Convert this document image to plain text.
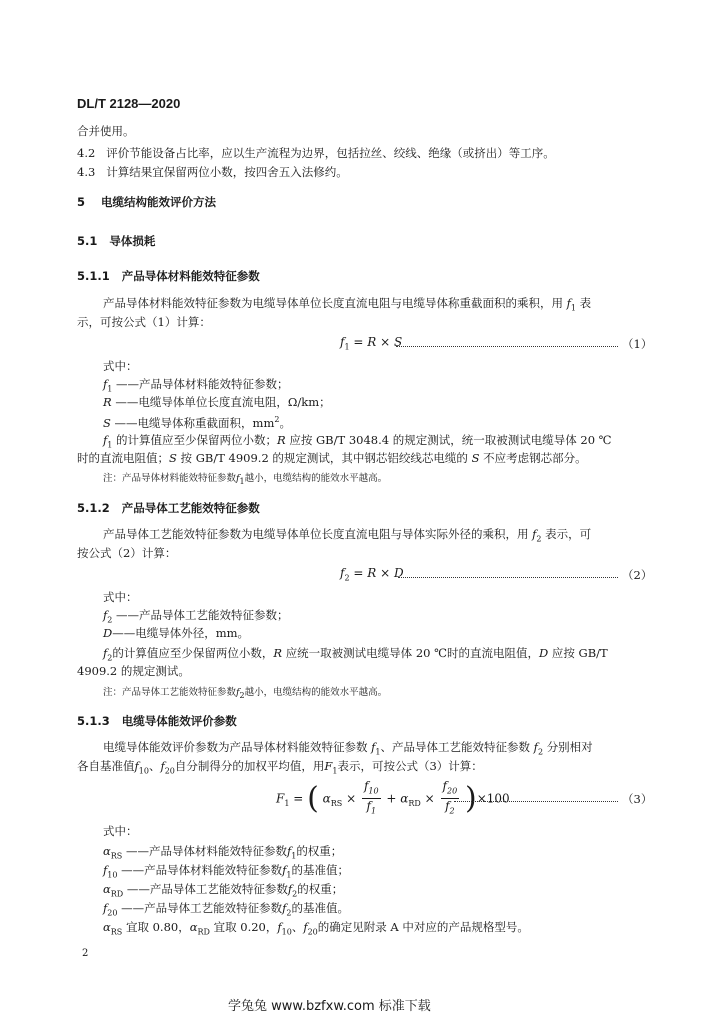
DL/T 2128—2020
合并使用。
4.2 评价节能设备占比率，应以生产流程为边界，包括拉丝、绞线、绝缘（或挤出）等工序。
4.3 计算结果宜保留两位小数，按四舍五入法修约。
5 电缆结构能效评价方法
5.1 导体损耗
5.1.1 产品导体材料能效特征参数
产品导体材料能效特征参数为电缆导体单位长度直流电阻与电缆导体称重截面积的乘积，用 $f_1$ 表
示，可按公式（1）计算：
$f_1 = R \times S$	（1）
式中：
$f_1$ ——产品导体材料能效特征参数；
R ——电缆导体单位长度直流电阻，Ω/km；
S ——电缆导体称重截面积，$mm^2$。
$f_1$ 的计算值应至少保留两位小数；R 应按 GB/T 3048.4 的规定测试，统一取被测试电缆导体 20 ℃
时的直流电阻值；S 按 GB/T 4909.2 的规定测试，其中钢芯铝绞线芯电缆的 S 不应考虑钢芯部分。
注：产品导体材料能效特征参数$f_1$越小，电缆结构的能效水平越高。
5.1.2 产品导体工艺能效特征参数
产品导体工艺能效特征参数为电缆导体单位长度直流电阻与导体实际外径的乘积，用 $f_2$ 表示，可
按公式（2）计算：
$f_2 = R \times D$	（2）
式中：
$f_2$ ——产品导体工艺能效特征参数；
D——电缆导体外径，mm。
$f_2$的计算值应至少保留两位小数，R 应统一取被测试电缆导体 20 ℃时的直流电阻值，D 应按 GB/T
4909.2 的规定测试。
注：产品导体工艺能效特征参数$f_2$越小，电缆结构的能效水平越高。
5.1.3 电缆导体能效评价参数
电缆导体能效评价参数为产品导体材料能效特征参数 $f_1$、产品导体工艺能效特征参数 $f_2$ 分别相对
各自基准值$f_{10}$、$f_{20}$自分制得分的加权平均值，用$F_1$表示，可按公式（3）计算：
$F_1$ = ( $\alpha_{RS} \times \frac{f_{10}}{f_1} + \alpha_{RD} \times \frac{f_{20}}{f_2} )\times 100$	（3）
式中：
$\alpha_{RS}$ ——产品导体材料能效特征参数$f_1$的权重；
$f_{10}$ ——产品导体材料能效特征参数$f_1$的基准值；
$\alpha_{RD}$ ——产品导体工艺能效特征参数$f_2$的权重；
$f_{20}$ ——产品导体工艺能效特征参数$f_2$的基准值。
$\alpha_{RS}$ 宜取 0.80，$\alpha_{RD}$ 宜取 0.20，$f_{10}$、$f_{20}$的确定见附录 A 中对应的产品规格型号。
2
学兔兔 www.bzfxw.com 标准下载
